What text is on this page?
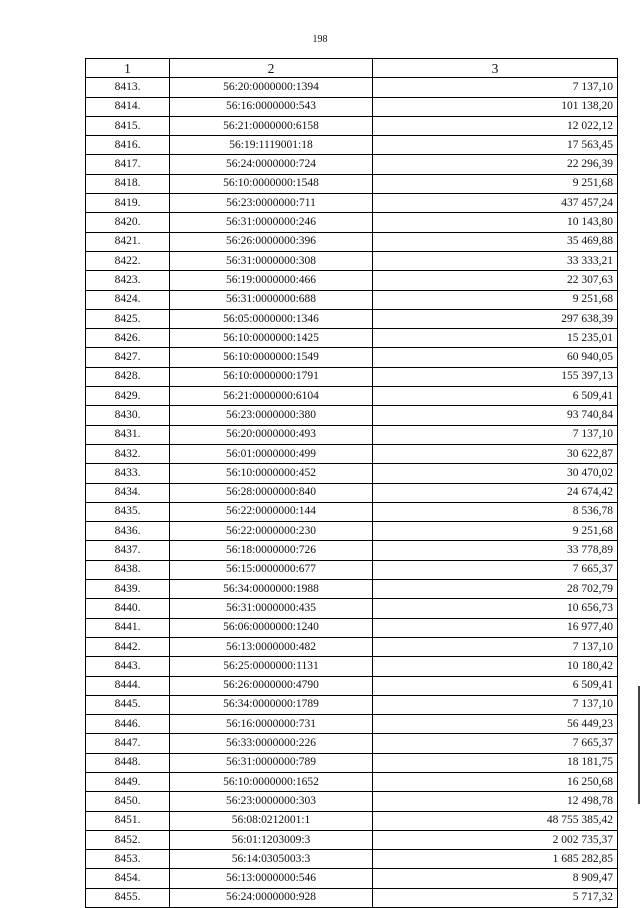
198
1	2	3
8413.	56:20:0000000:1394	7 137,10
8414.	56:16:0000000:543	101 138,20
8415.	56:21:0000000:6158	12 022,12
8416.	56:19:1119001:18	17 563,45
8417.	56:24:0000000:724	22 296,39
8418.	56:10:0000000:1548	9 251,68
8419.	56:23:0000000:711	437 457,24
8420.	56:31:0000000:246	10 143,80
8421.	56:26:0000000:396	35 469,88
8422.	56:31:0000000:308	33 333,21
8423.	56:19:0000000:466	22 307,63
8424.	56:31:0000000:688	9 251,68
8425.	56:05:0000000:1346	297 638,39
8426.	56:10:0000000:1425	15 235,01
8427.	56:10:0000000:1549	60 940,05
8428.	56:10:0000000:1791	155 397,13
8429.	56:21:0000000:6104	6 509,41
8430.	56:23:0000000:380	93 740,84
8431.	56:20:0000000:493	7 137,10
8432.	56:01:0000000:499	30 622,87
8433.	56:10:0000000:452	30 470,02
8434.	56:28:0000000:840	24 674,42
8435.	56:22:0000000:144	8 536,78
8436.	56:22:0000000:230	9 251,68
8437.	56:18:0000000:726	33 778,89
8438.	56:15:0000000:677	7 665,37
8439.	56:34:0000000:1988	28 702,79
8440.	56:31:0000000:435	10 656,73
8441.	56:06:0000000:1240	16 977,40
8442.	56:13:0000000:482	7 137,10
8443.	56:25:0000000:1131	10 180,42
8444.	56:26:0000000:4790	6 509,41
8445.	56:34:0000000:1789	7 137,10
8446.	56:16:0000000:731	56 449,23
8447.	56:33:0000000:226	7 665,37
8448.	56:31:0000000:789	18 181,75
8449.	56:10:0000000:1652	16 250,68
8450.	56:23:0000000:303	12 498,78
8451.	56:08:0212001:1	48 755 385,42
8452.	56:01:1203009:3	2 002 735,37
8453.	56:14:0305003:3	1 685 282,85
8454.	56:13:0000000:546	8 909,47
8455.	56:24:0000000:928	5 717,32
